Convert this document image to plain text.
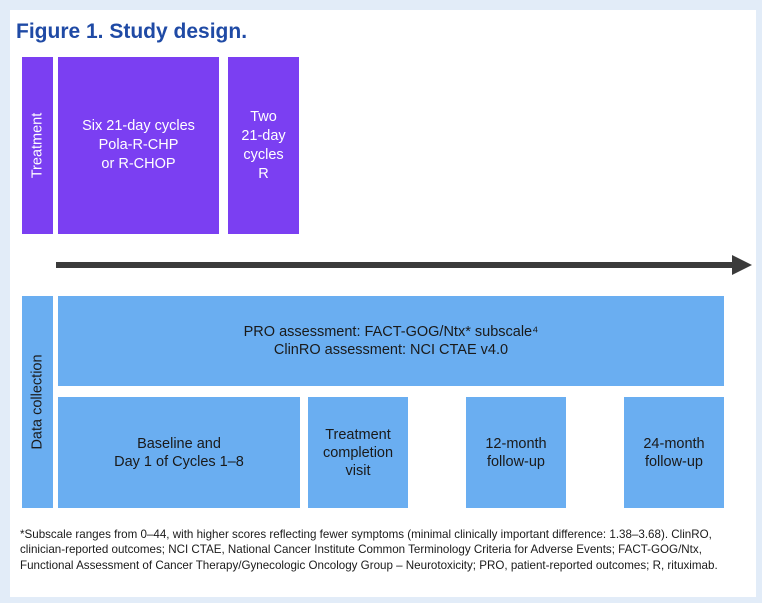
Figure 1. Study design.
Treatment	Six 21-day cycles
Pola-R-CHP
or R-CHOP
Two
21-day
cycles
R
Data collection
PRO assessment: FACT-GOG/Ntx* subscale⁴
ClinRO assessment: NCI CTAE v4.0
Baseline and
Day 1 of Cycles 1–8
Treatment
completion
visit
12-month
follow-up
24-month
follow-up
*Subscale ranges from 0–44, with higher scores reflecting fewer symptoms (minimal clinically important difference: 1.38–3.68). ClinRO, clinician-reported outcomes; NCI CTAE, National Cancer Institute Common Terminology Criteria for Adverse Events; FACT-GOG/Ntx, Functional Assessment of Cancer Therapy/Gynecologic Oncology Group – Neurotoxicity; PRO, patient-reported outcomes; R, rituximab.
